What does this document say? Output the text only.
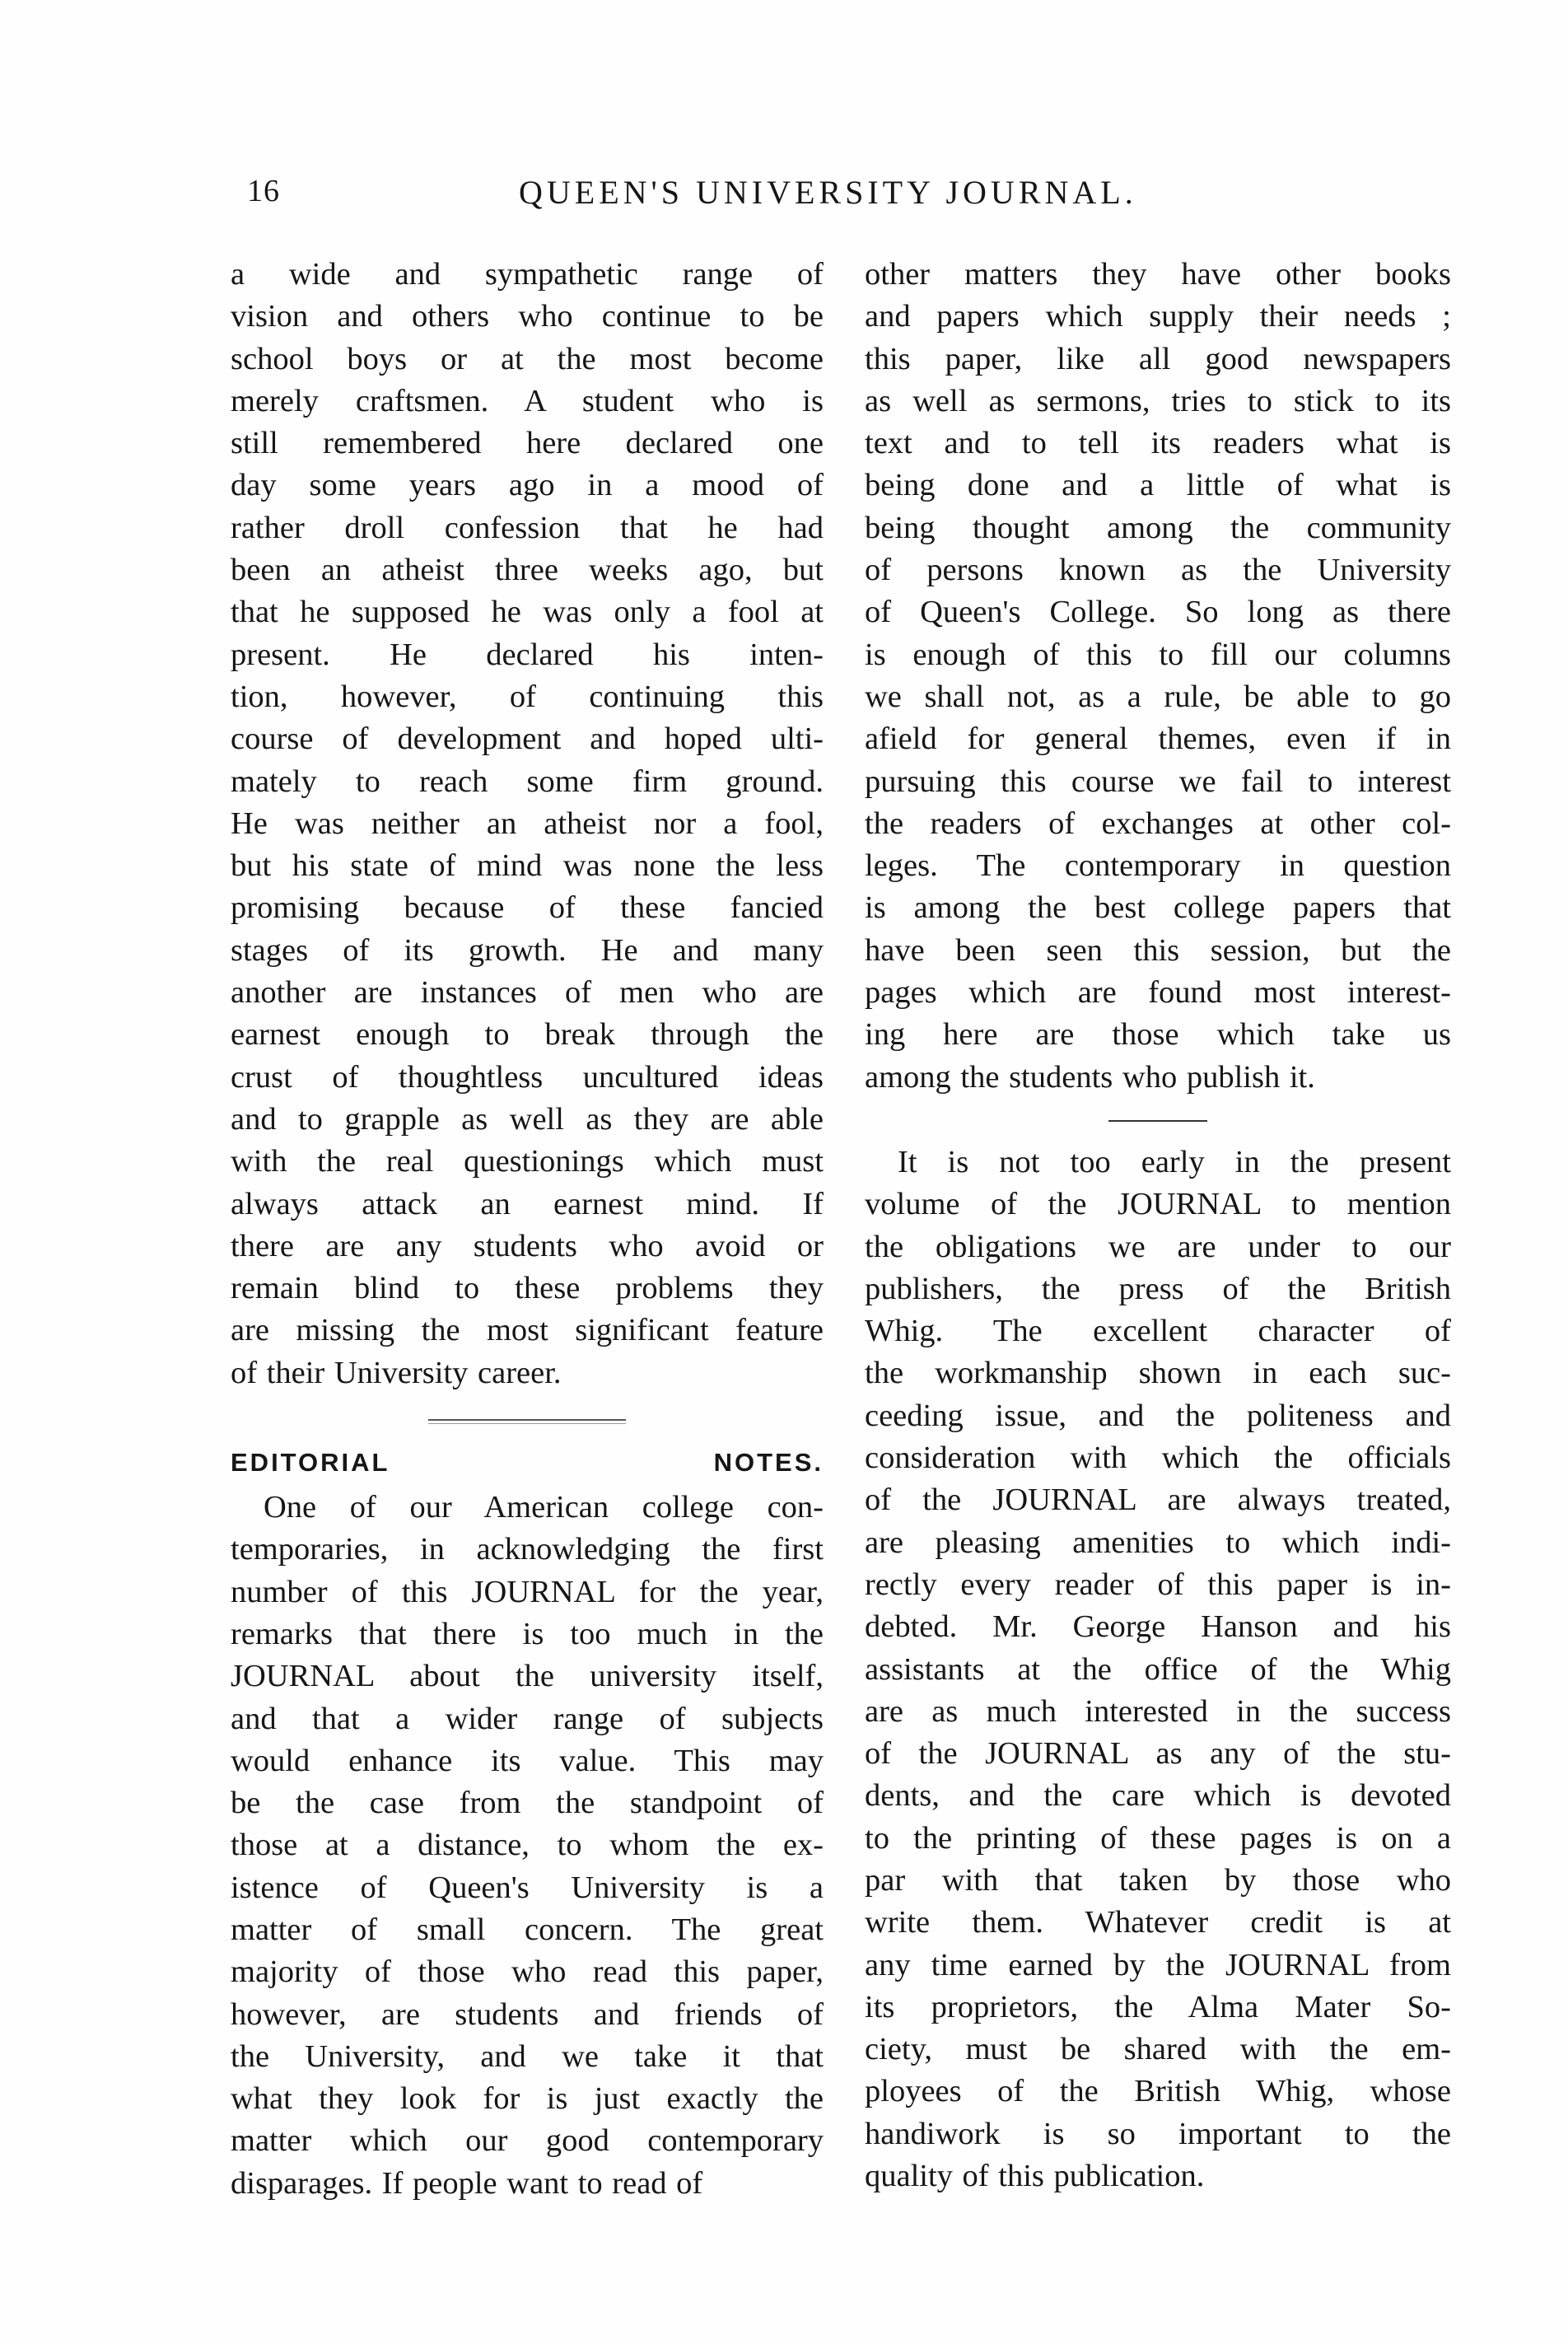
16	QUEEN'S UNIVERSITY JOURNAL.
a wide and sympathetic range of
vision and others who continue to be
school boys or at the most become
merely craftsmen. A student who is
still remembered here declared one
day some years ago in a mood of
rather droll confession that he had
been an atheist three weeks ago, but
that he supposed he was only a fool at
present. He declared his inten-
tion, however, of continuing this
course of development and hoped ulti-
mately to reach some firm ground.
He was neither an atheist nor a fool,
but his state of mind was none the less
promising because of these fancied
stages of its growth. He and many
another are instances of men who are
earnest enough to break through the
crust of thoughtless uncultured ideas
and to grapple as well as they are able
with the real questionings which must
always attack an earnest mind. If
there are any students who avoid or
remain blind to these problems they
are missing the most significant feature
of their University career.
EDITORIAL NOTES.
One of our American college con-
temporaries, in acknowledging the first
number of this JOURNAL for the year,
remarks that there is too much in the
JOURNAL about the university itself,
and that a wider range of subjects
would enhance its value. This may
be the case from the standpoint of
those at a distance, to whom the ex-
istence of Queen's University is a
matter of small concern. The great
majority of those who read this paper,
however, are students and friends of
the University, and we take it that
what they look for is just exactly the
matter which our good contemporary
disparages. If people want to read of
other matters they have other books
and papers which supply their needs ;
this paper, like all good newspapers
as well as sermons, tries to stick to its
text and to tell its readers what is
being done and a little of what is
being thought among the community
of persons known as the University
of Queen's College. So long as there
is enough of this to fill our columns
we shall not, as a rule, be able to go
afield for general themes, even if in
pursuing this course we fail to interest
the readers of exchanges at other col-
leges. The contemporary in question
is among the best college papers that
have been seen this session, but the
pages which are found most interest-
ing here are those which take us
among the students who publish it.
It is not too early in the present
volume of the JOURNAL to mention
the obligations we are under to our
publishers, the press of the British
Whig. The excellent character of
the workmanship shown in each suc-
ceeding issue, and the politeness and
consideration with which the officials
of the JOURNAL are always treated,
are pleasing amenities to which indi-
rectly every reader of this paper is in-
debted. Mr. George Hanson and his
assistants at the office of the Whig
are as much interested in the success
of the JOURNAL as any of the stu-
dents, and the care which is devoted
to the printing of these pages is on a
par with that taken by those who
write them. Whatever credit is at
any time earned by the JOURNAL from
its proprietors, the Alma Mater So-
ciety, must be shared with the em-
ployees of the British Whig, whose
handiwork is so important to the
quality of this publication.
